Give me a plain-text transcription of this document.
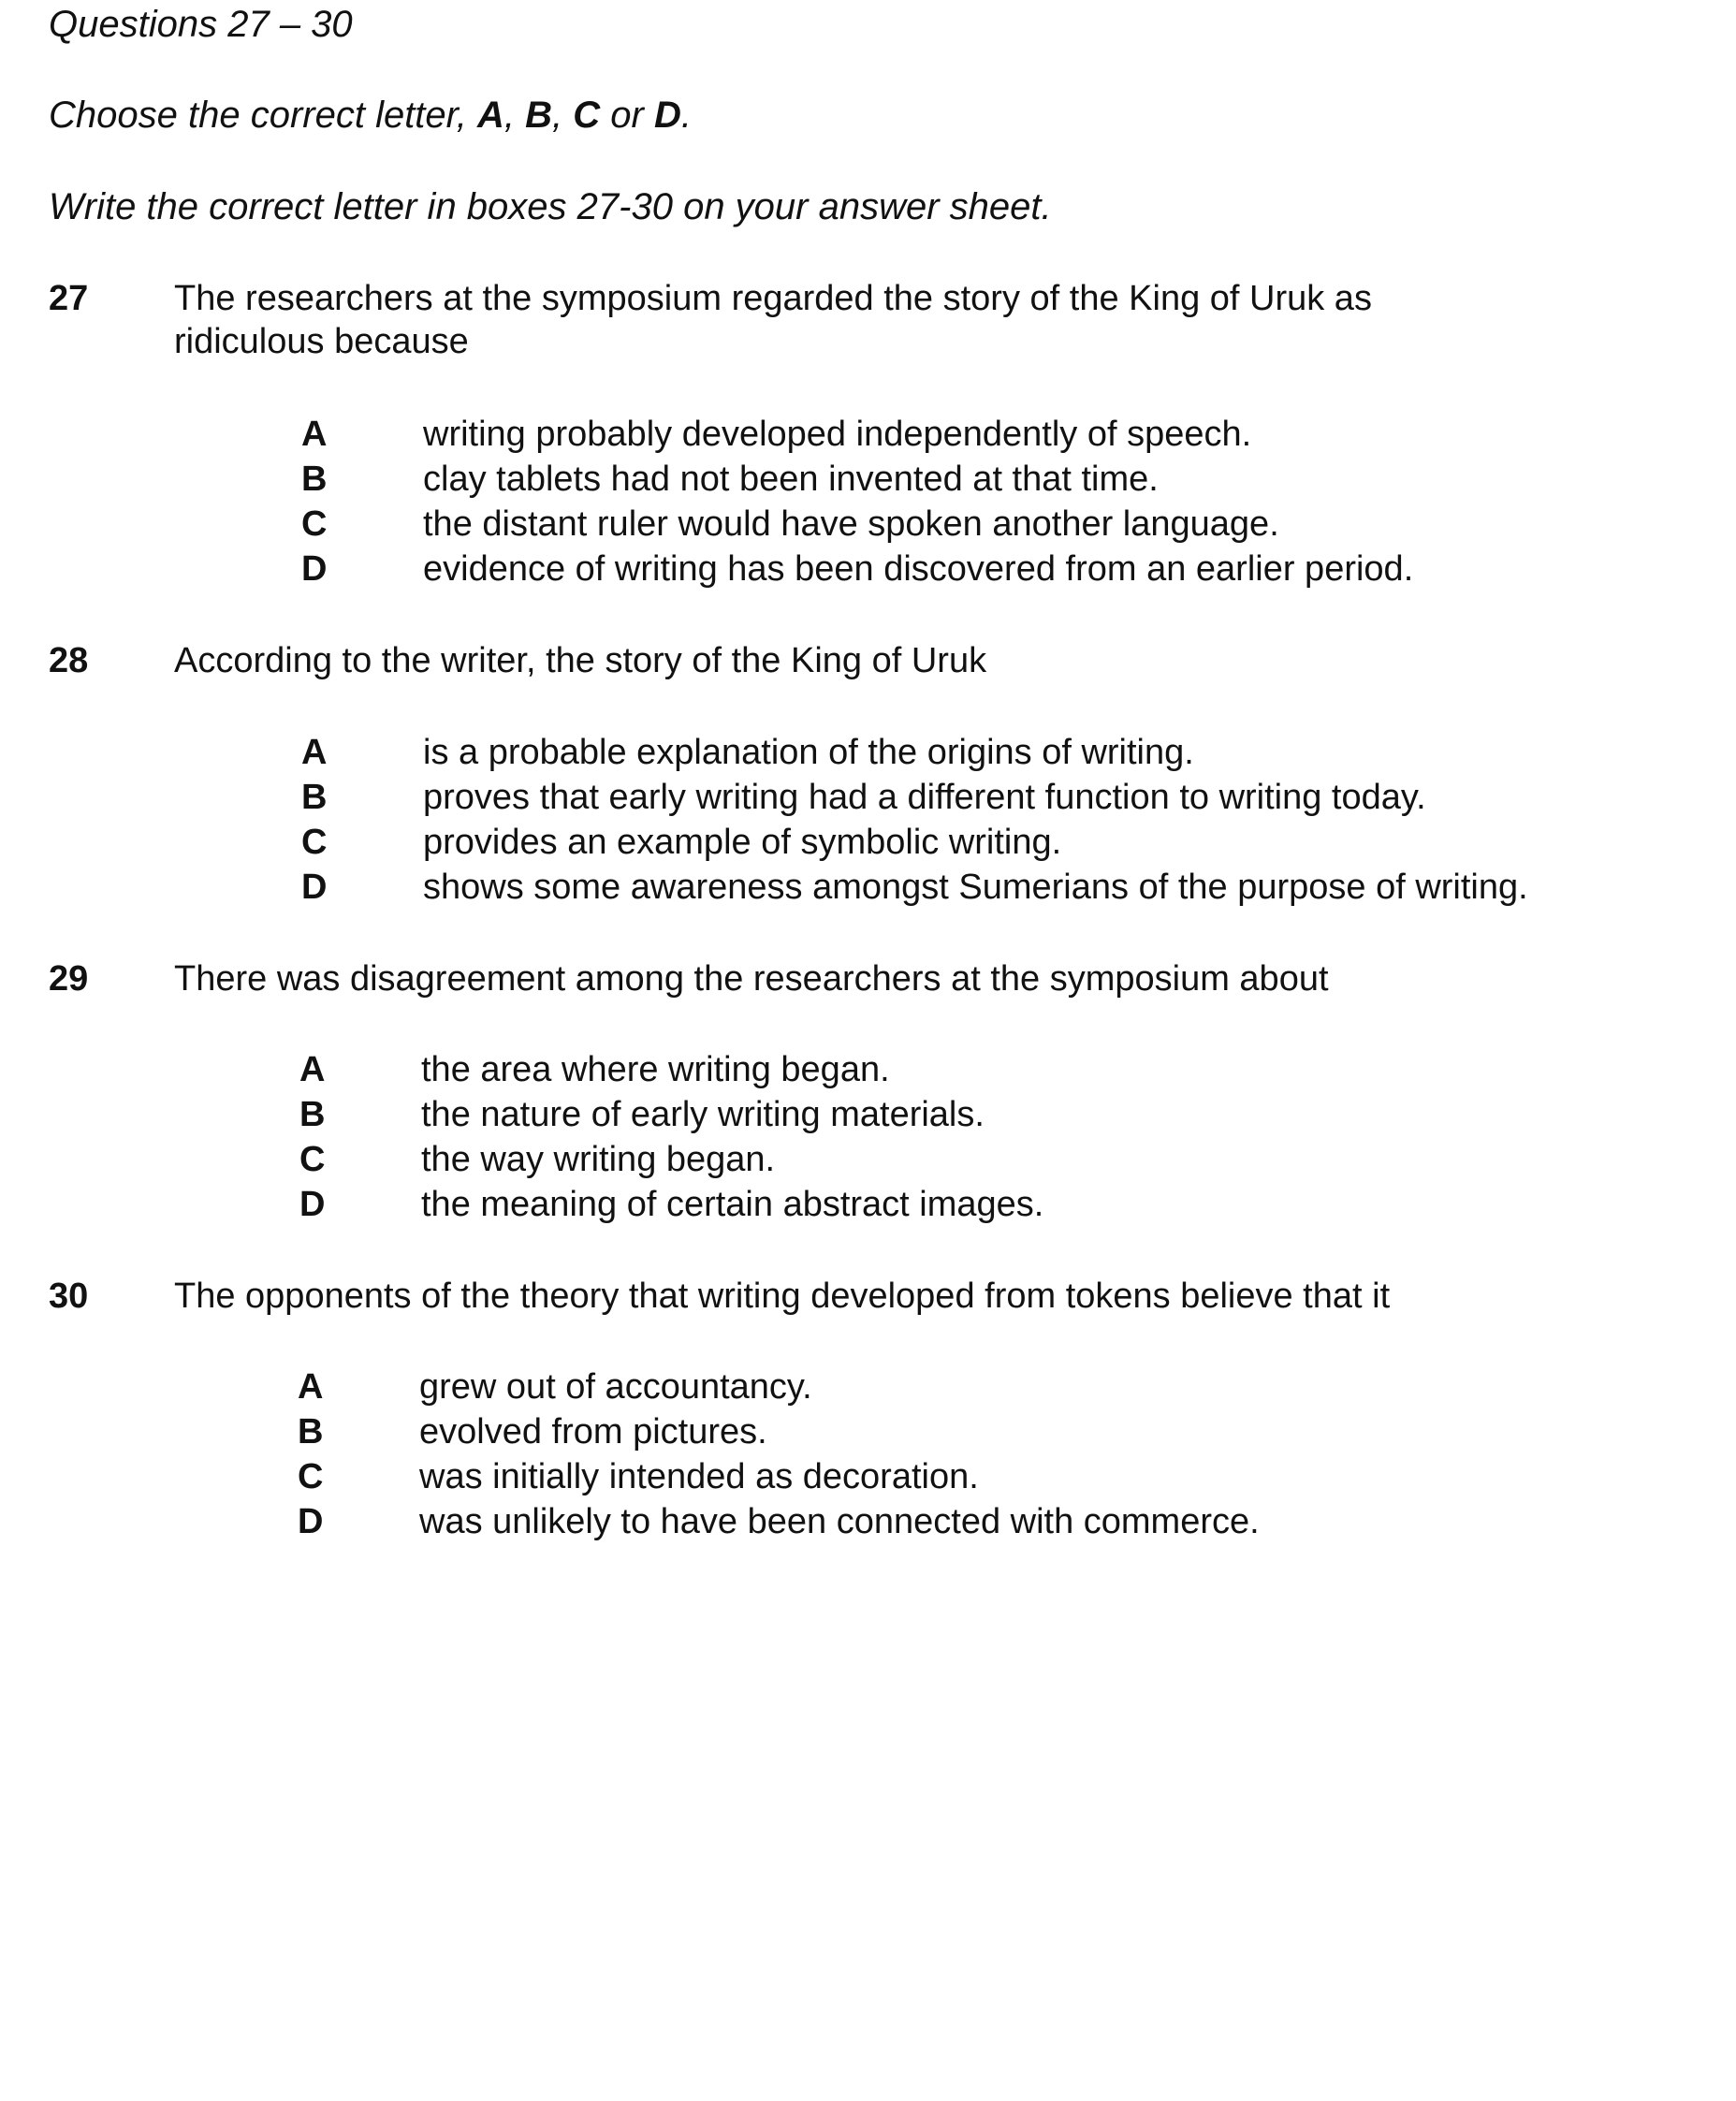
Questions 27 – 30
Choose the correct letter, A, B, C or D.
Write the correct letter in boxes 27-30 on your answer sheet.
27 The researchers at the symposium regarded the story of the King of Uruk as
ridiculous because
A	writing probably developed independently of speech.
B	clay tablets had not been invented at that time.
C	the distant ruler would have spoken another language.
D	evidence of writing has been discovered from an earlier period.
28 According to the writer, the story of the King of Uruk
A	is a probable explanation of the origins of writing.
B	proves that early writing had a different function to writing today.
C	provides an example of symbolic writing.
D	shows some awareness amongst Sumerians of the purpose of writing.
29 There was disagreement among the researchers at the symposium about
A	the area where writing began.
B	the nature of early writing materials.
C	the way writing began.
D	the meaning of certain abstract images.
30 The opponents of the theory that writing developed from tokens believe that it
A	grew out of accountancy.
B	evolved from pictures.
C	was initially intended as decoration.
D	was unlikely to have been connected with commerce.
